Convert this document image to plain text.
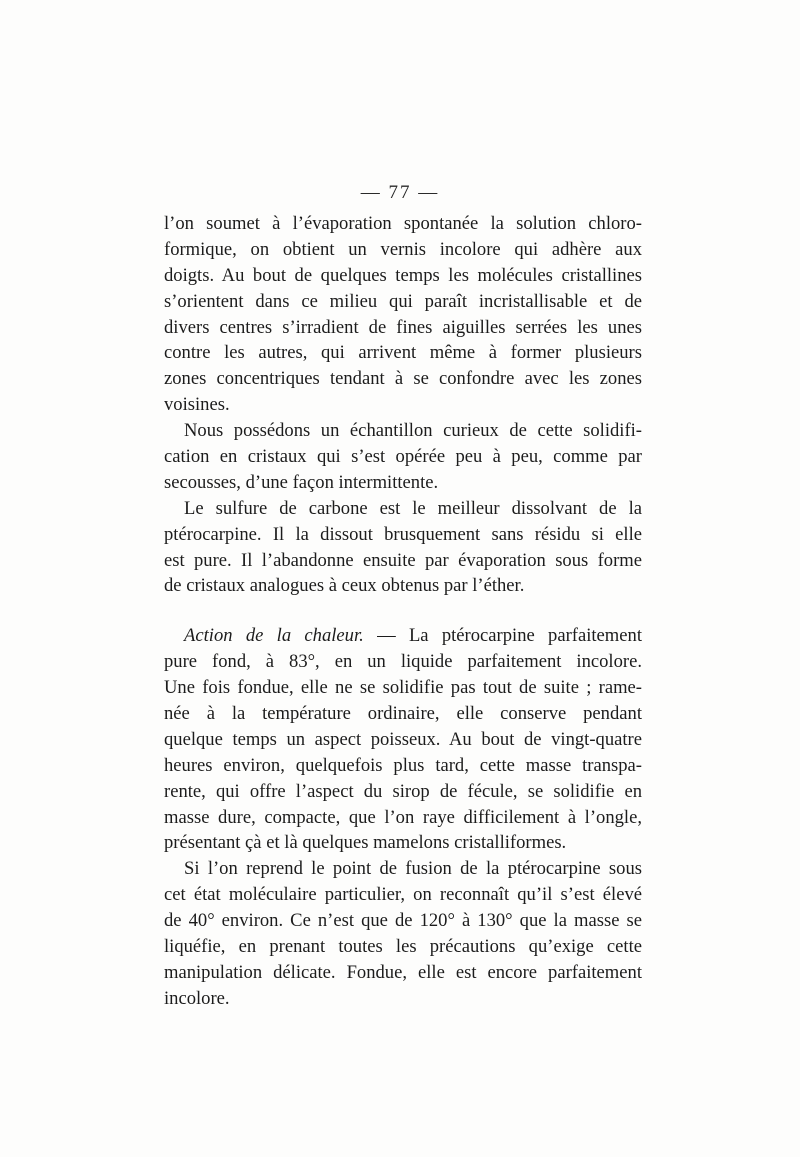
— 77 —
l’on soumet à l’évaporation spontanée la solution chloro-
formique, on obtient un vernis incolore qui adhère aux
doigts. Au bout de quelques temps les molécules cristallines
s’orientent dans ce milieu qui paraît incristallisable et de
divers centres s’irradient de fines aiguilles serrées les unes
contre les autres, qui arrivent même à former plusieurs
zones concentriques tendant à se confondre avec les zones
voisines.
Nous possédons un échantillon curieux de cette solidifi-
cation en cristaux qui s’est opérée peu à peu, comme par
secousses, d’une façon intermittente.
Le sulfure de carbone est le meilleur dissolvant de la
ptérocarpine. Il la dissout brusquement sans résidu si elle
est pure. Il l’abandonne ensuite par évaporation sous forme
de cristaux analogues à ceux obtenus par l’éther.
Action de la chaleur. — La ptérocarpine parfaitement
pure fond, à 83°, en un liquide parfaitement incolore.
Une fois fondue, elle ne se solidifie pas tout de suite ; rame-
née à la température ordinaire, elle conserve pendant
quelque temps un aspect poisseux. Au bout de vingt-quatre
heures environ, quelquefois plus tard, cette masse transpa-
rente, qui offre l’aspect du sirop de fécule, se solidifie en
masse dure, compacte, que l’on raye difficilement à l’ongle,
présentant çà et là quelques mamelons cristalliformes.
Si l’on reprend le point de fusion de la ptérocarpine sous
cet état moléculaire particulier, on reconnaît qu’il s’est élevé
de 40° environ. Ce n’est que de 120° à 130° que la masse se
liquéfie, en prenant toutes les précautions qu’exige cette
manipulation délicate. Fondue, elle est encore parfaitement
incolore.
